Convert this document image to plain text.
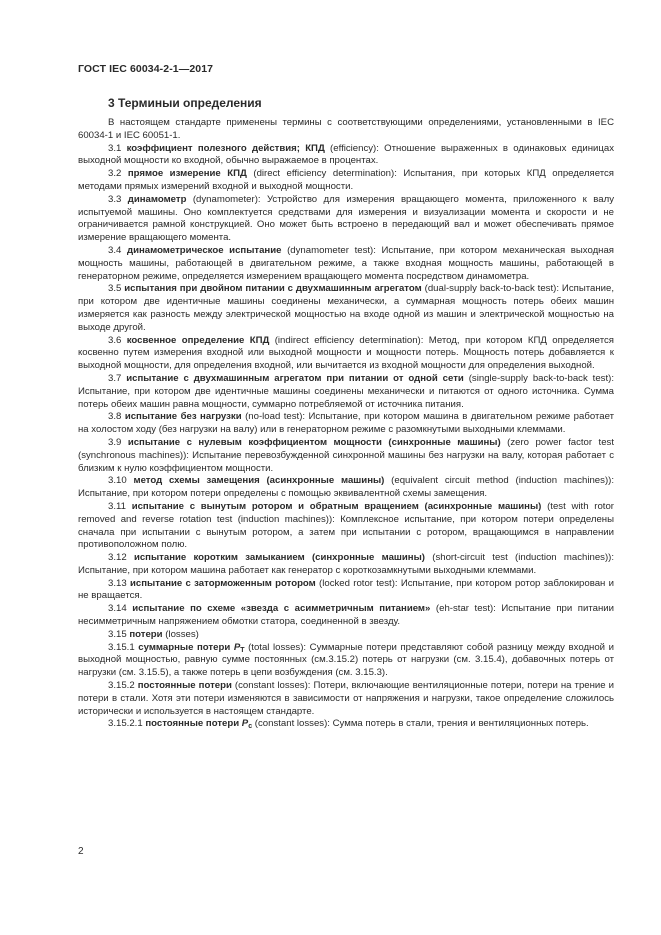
ГОСТ IEC 60034-2-1—2017
3 Терминыи определения

В настоящем стандарте применены термины с соответствующими определениями, установленными в IEC 60034-1 и IEC 60051-1.

3.1 коэффициент полезного действия; КПД (efficiency): Отношение выраженных в одинаковых единицах выходной мощности ко входной, обычно выражаемое в процентах.

3.2 прямое измерение КПД (direct efficiency determination): Испытания, при которых КПД определяется методами прямых измерений входной и выходной мощности.

3.3 динамометр (dynamometer): Устройство для измерения вращающего момента, приложенного к валу испытуемой машины. Оно комплектуется средствами для измерения и визуализации момента и скорости и не ограничивается рамной конструкцией. Оно может быть встроено в передающий вал и может обеспечивать прямое измерение вращающего момента.

3.4 динамометрическое испытание (dynamometer test): Испытание, при котором механическая выходная мощность машины, работающей в двигательном режиме, а также входная мощность машины, работающей в генераторном режиме, определяется измерением вращающего момента посредством динамометра.

3.5 испытания при двойном питании с двухмашинным агрегатом (dual-supply back-to-back test): Испытание, при котором две идентичные машины соединены механически, а суммарная мощность потерь обеих машин измеряется как разность между электрической мощностью на входе одной из машин и электрической мощностью на выходе другой.

3.6 косвенное определение КПД (indirect efficiency determination): Метод, при котором КПД определяется косвенно путем измерения входной или выходной мощности и мощности потерь. Мощность потерь добавляется к выходной мощности, для определения входной, или вычитается из входной мощности для определения выходной.

3.7 испытание с двухмашинным агрегатом при питании от одной сети (single-supply back-to-back test): Испытание, при котором две идентичные машины соединены механически и питаются от одного источника. Сумма потерь обеих машин равна мощности, суммарно потребляемой от источника питания.

3.8 испытание без нагрузки (no-load test): Испытание, при котором машина в двигательном режиме работает на холостом ходу (без нагрузки на валу) или в генераторном режиме с разомкнутыми выходными клеммами.

3.9 испытание с нулевым коэффициентом мощности (синхронные машины) (zero power factor test (synchronous machines)): Испытание перевозбужденной синхронной машины без нагрузки на валу, которая работает с близким к нулю коэффициентом мощности.

3.10 метод схемы замещения (асинхронные машины) (equivalent circuit method (induction machines)): Испытание, при котором потери определены с помощью эквивалентной схемы замещения.

3.11 испытание с вынутым ротором и обратным вращением (асинхронные машины) (test with rotor removed and reverse rotation test (induction machines)): Комплексное испытание, при котором потери определены сначала при испытании с вынутым ротором, а затем при испытании с ротором, вращающимся в направлении противоположном полю.

3.12 испытание коротким замыканием (синхронные машины) (short-circuit test (induction machines)): Испытание, при котором машина работает как генератор с короткозамкнутыми выходными клеммами.

3.13 испытание с заторможенным ротором (locked rotor test): Испытание, при котором ротор заблокирован и не вращается.

3.14 испытание по схеме «звезда с асимметричным питанием» (eh-star test): Испытание при питании несимметричным напряжением обмотки статора, соединенной в звезду.

3.15 потери (losses)

3.15.1 суммарные потери $P_T$ (total losses): Суммарные потери представляют собой разницу между входной и выходной мощностью, равную сумме постоянных (см.3.15.2) потерь от нагрузки (см. 3.15.4), добавочных потерь от нагрузки (см. 3.15.5), а также потерь в цепи возбуждения (см. 3.15.3).

3.15.2 постоянные потери (constant losses): Потери, включающие вентиляционные потери, потери на трение и потери в стали. Хотя эти потери изменяются в зависимости от напряжения и нагрузки, такое определение сложилось исторически и используется в настоящем стандарте.

3.15.2.1 постоянные потери $P_c$ (constant losses): Сумма потерь в стали, трения и вентиляционных потерь.

2
